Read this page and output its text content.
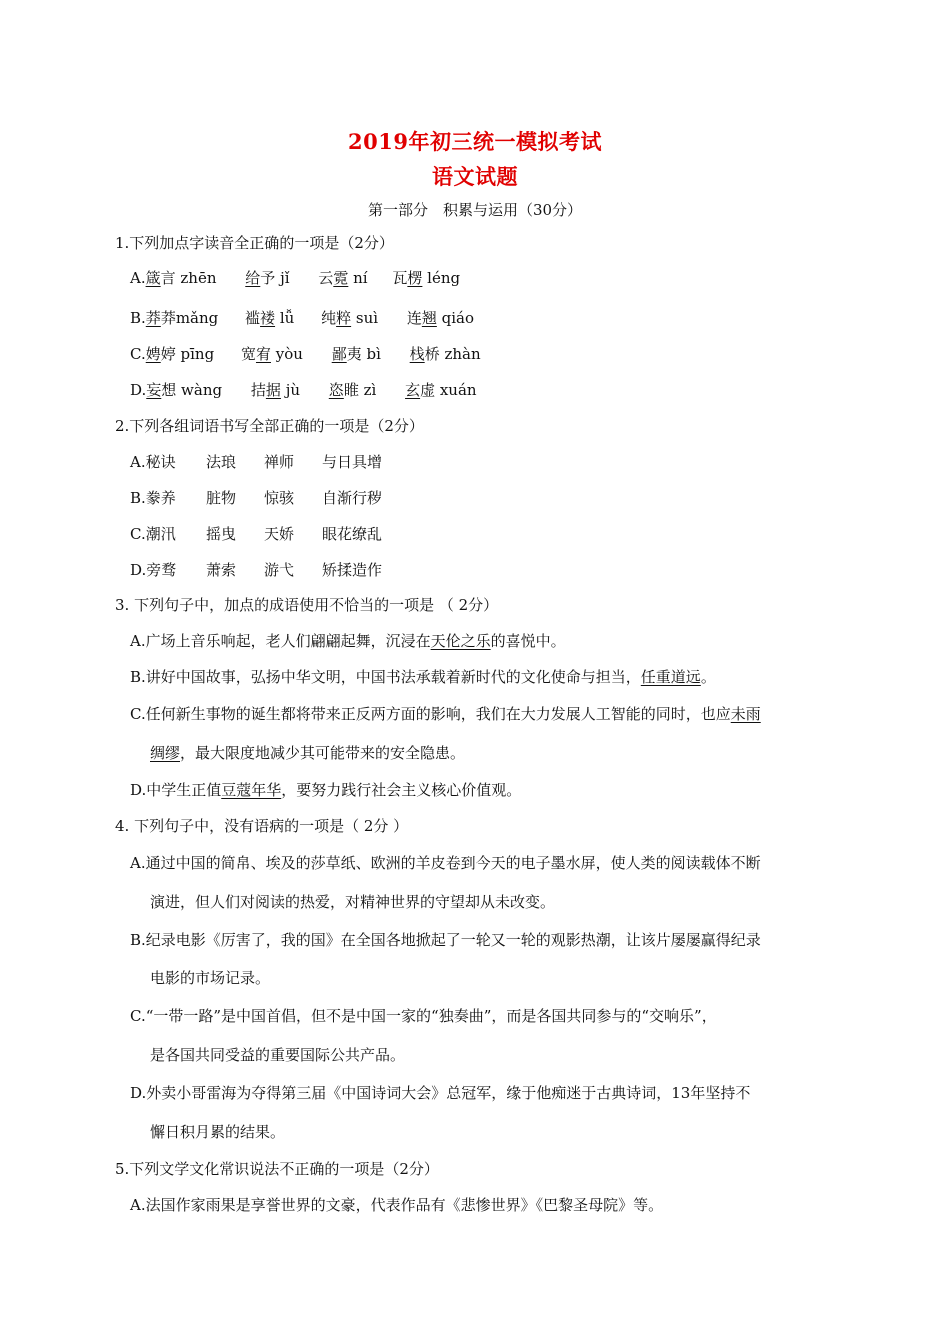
2019年初三统一模拟考试
语文试题
第一部分　积累与运用（30分）
1.下列加点字读音全正确的一项是（2分）
A.箴言 zhēn 给予 jǐ 云霓 ní 瓦楞 léng
B.莽莽mǎng 褴褛 lǚ 纯粹 suì 连翘 qiáo
C.娉婷 pīng 宽宥 yòu 鄙夷 bì 栈桥 zhàn
D.妄想 wàng 拮据 jù 恣睢 zì 玄虚 xuán
2.下列各组词语书写全部正确的一项是（2分）
A.秘诀 法琅 禅师 与日具增
B.豢养 脏物 惊骇 自渐行秽
C.潮汛 摇曳 天娇 眼花缭乱
D.旁骛 萧索 游弋 矫揉造作
3. 下列句子中，加点的成语使用不恰当的一项是 （ 2分）
A.广场上音乐响起，老人们翩翩起舞，沉浸在天伦之乐的喜悦中。
B.讲好中国故事，弘扬中华文明，中国书法承载着新时代的文化使命与担当，任重道远。
C.任何新生事物的诞生都将带来正反两方面的影响，我们在大力发展人工智能的同时，也应未雨
绸缪，最大限度地减少其可能带来的安全隐患。
D.中学生正值豆蔻年华，要努力践行社会主义核心价值观。
4. 下列句子中，没有语病的一项是（ 2分 ）
A.通过中国的简帛、埃及的莎草纸、欧洲的羊皮卷到今天的电子墨水屏，使人类的阅读载体不断
演进，但人们对阅读的热爱，对精神世界的守望却从未改变。
B.纪录电影《厉害了，我的国》在全国各地掀起了一轮又一轮的观影热潮，让该片屡屡赢得纪录
电影的市场记录。
C.“一带一路”是中国首倡，但不是中国一家的“独奏曲”，而是各国共同参与的“交响乐”，
是各国共同受益的重要国际公共产品。
D.外卖小哥雷海为夺得第三届《中国诗词大会》总冠军，缘于他痴迷于古典诗词，13年坚持不
懈日积月累的结果。
5.下列文学文化常识说法不正确的一项是（2分）
A.法国作家雨果是享誉世界的文豪，代表作品有《悲惨世界》《巴黎圣母院》等。
